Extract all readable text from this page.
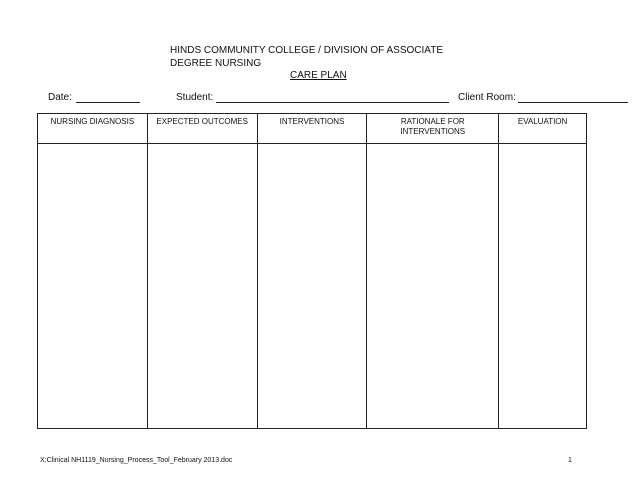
HINDS COMMUNITY COLLEGE / DIVISION OF ASSOCIATE
DEGREE NURSING
CARE PLAN
Date:	Student:	Client Room:
NURSING DIAGNOSIS	EXPECTED OUTCOMES	INTERVENTIONS	RATIONALE FOR INTERVENTIONS	EVALUATION

X:Clinical NH1119_Nursing_Process_Tool_February 2013.doc	1
